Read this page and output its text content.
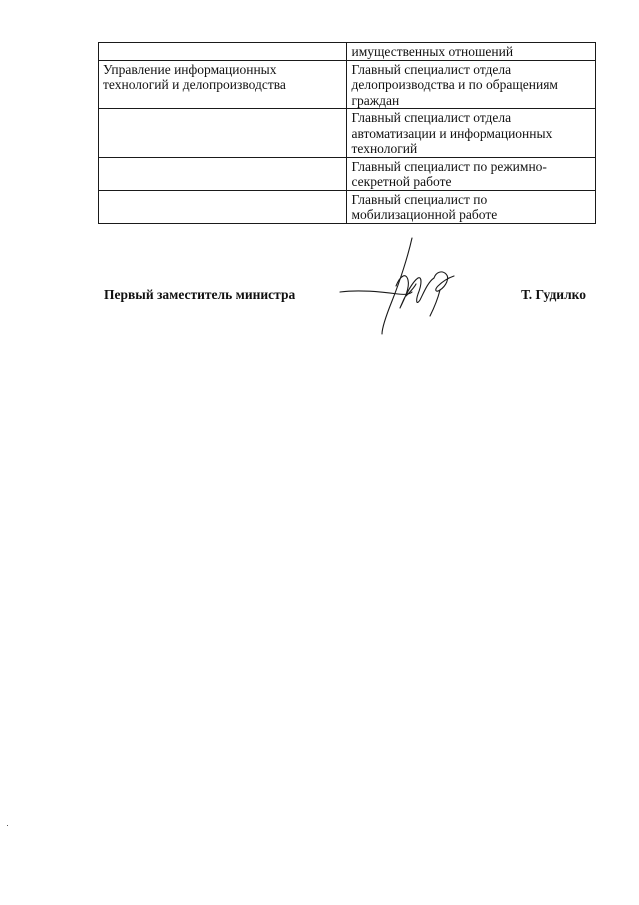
	имущественных отношений
Управление информационных технологий и делопроизводства	Главный специалист отдела делопроизводства и по обращениям граждан
	Главный специалист отдела автоматизации и информационных технологий
	Главный специалист по режимно-секретной работе
	Главный специалист по мобилизационной работе
Первый заместитель министра	Т. Гудилко
